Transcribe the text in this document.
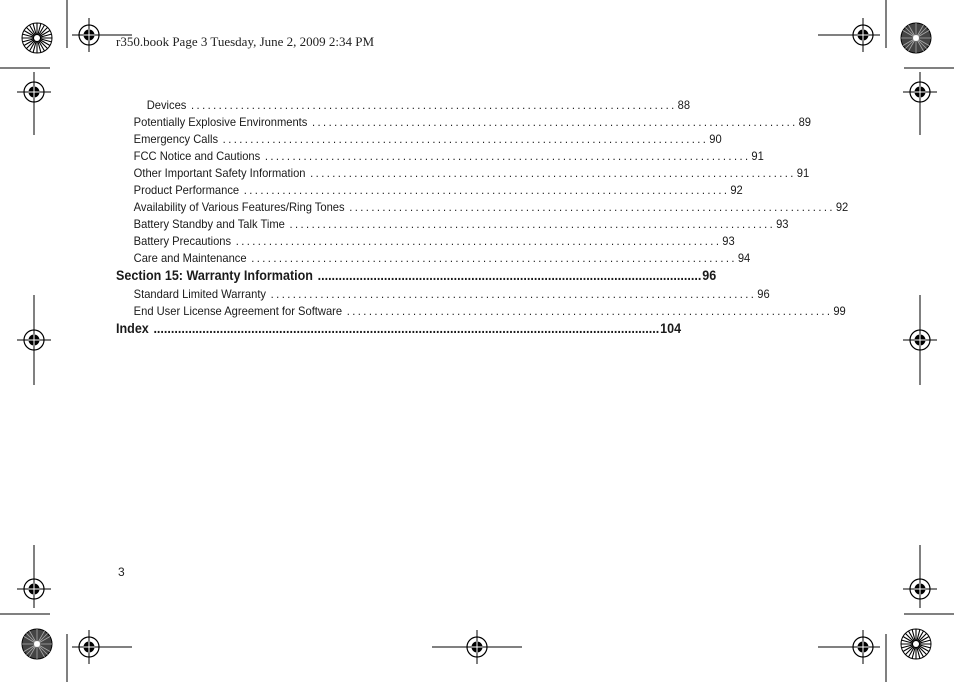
r350.book Page 3 Tuesday, June 2, 2009 2:34 PM
Devices ........................................................................................ 88
Potentially Explosive Environments ........................................................................................ 89
Emergency Calls ........................................................................................ 90
FCC Notice and Cautions ........................................................................................ 91
Other Important Safety Information ........................................................................................ 91
Product Performance ........................................................................................ 92
Availability of Various Features/Ring Tones ........................................................................................ 92
Battery Standby and Talk Time ........................................................................................ 93
Battery Precautions ........................................................................................ 93
Care and Maintenance ........................................................................................ 94
Section 15: Warranty Information .............................................................................................................. 96
Standard Limited Warranty ........................................................................................ 96
End User License Agreement for Software ........................................................................................ 99
Index ................................................................................................................................................. 104
3
